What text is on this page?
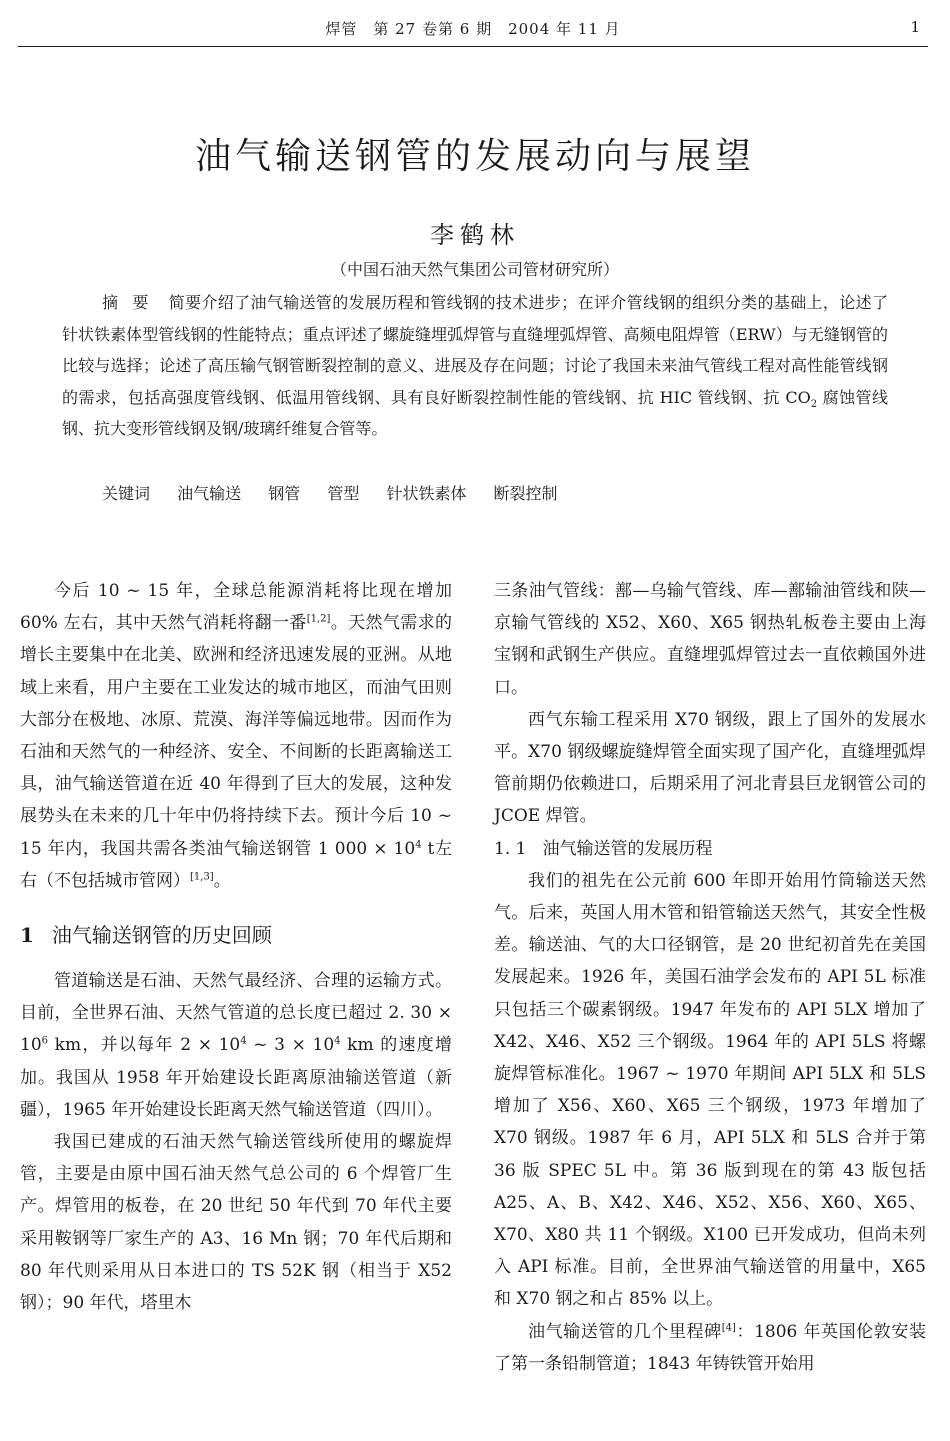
焊管　第 27 卷第 6 期　2004 年 11 月	1
油气输送钢管的发展动向与展望
李鹤林
（中国石油天然气集团公司管材研究所）
摘要 简要介绍了油气输送管的发展历程和管线钢的技术进步；在评介管线钢的组织分类的基础上，论述了针状铁素体型管线钢的性能特点；重点评述了螺旋缝埋弧焊管与直缝埋弧焊管、高频电阻焊管（ERW）与无缝钢管的比较与选择；论述了高压输气钢管断裂控制的意义、进展及存在问题；讨论了我国未来油气管线工程对高性能管线钢的需求，包括高强度管线钢、低温用管线钢、具有良好断裂控制性能的管线钢、抗 HIC 管线钢、抗 $CO_2$ 腐蚀管线钢、抗大变形管线钢及钢/玻璃纤维复合管等。
关键词 油气输送 钢管 管型 针状铁素体 断裂控制

今后 10 ~ 15 年，全球总能源消耗将比现在增加 60% 左右，其中天然气消耗将翻一番[1,2]。天然气需求的增长主要集中在北美、欧洲和经济迅速发展的亚洲。从地域上来看，用户主要在工业发达的城市地区，而油气田则大部分在极地、冰原、荒漠、海洋等偏远地带。因而作为石油和天然气的一种经济、安全、不间断的长距离输送工具，油气输送管道在近 40 年得到了巨大的发展，这种发展势头在未来的几十年中仍将持续下去。预计今后 10 ~ 15 年内，我国共需各类油气输送钢管 1 $000 \times 10^4$ t左右（不包括城市管网）[1,3]。

1 油气输送钢管的历史回顾

管道输送是石油、天然气最经济、合理的运输方式。目前，全世界石油、天然气管道的总长度已超过 2. $30 \times 10^6$ km，并以每年 $2 \times 10^4$ ~ $3 \times 10^4$ km 的速度增加。我国从 1958 年开始建设长距离原油输送管道（新疆），1965 年开始建设长距离天然气输送管道（四川）。

我国已建成的石油天然气输送管线所使用的螺旋焊管，主要是由原中国石油天然气总公司的 6 个焊管厂生产。焊管用的板卷，在 20 世纪 50 年代到 70 年代主要采用鞍钢等厂家生产的 A3、16 Mn 钢；70 年代后期和 80 年代则采用从日本进口的 TS 52K 钢（相当于 X52 钢）；90 年代，塔里木

三条油气管线：鄯—乌输气管线、库—鄯输油管线和陕—京输气管线的 X52、X60、X65 钢热轧板卷主要由上海宝钢和武钢生产供应。直缝埋弧焊管过去一直依赖国外进口。

西气东输工程采用 X70 钢级，跟上了国外的发展水平。X70 钢级螺旋缝焊管全面实现了国产化，直缝埋弧焊管前期仍依赖进口，后期采用了河北青县巨龙钢管公司的 JCOE 焊管。

1. 1 油气输送管的发展历程

我们的祖先在公元前 600 年即开始用竹筒输送天然气。后来，英国人用木管和铅管输送天然气，其安全性极差。输送油、气的大口径钢管，是 20 世纪初首先在美国发展起来。1926 年，美国石油学会发布的 API 5L 标准只包括三个碳素钢级。1947 年发布的 API 5LX 增加了 X42、X46、X52 三个钢级。1964 年的 API 5LS 将螺旋焊管标准化。1967 ~ 1970 年期间 API 5LX 和 5LS 增加了 X56、X60、X65 三个钢级，1973 年增加了 X70 钢级。1987 年 6 月，API 5LX 和 5LS 合并于第 36 版 SPEC 5L 中。第 36 版到现在的第 43 版包括 A25、A、B、X42、X46、X52、X56、X60、X65、X70、X80 共 11 个钢级。X100 已开发成功，但尚未列入 API 标准。目前，全世界油气输送管的用量中，X65 和 X70 钢之和占 85% 以上。

油气输送管的几个里程碑[4]：1806 年英国伦敦安装了第一条铅制管道；1843 年铸铁管开始用
